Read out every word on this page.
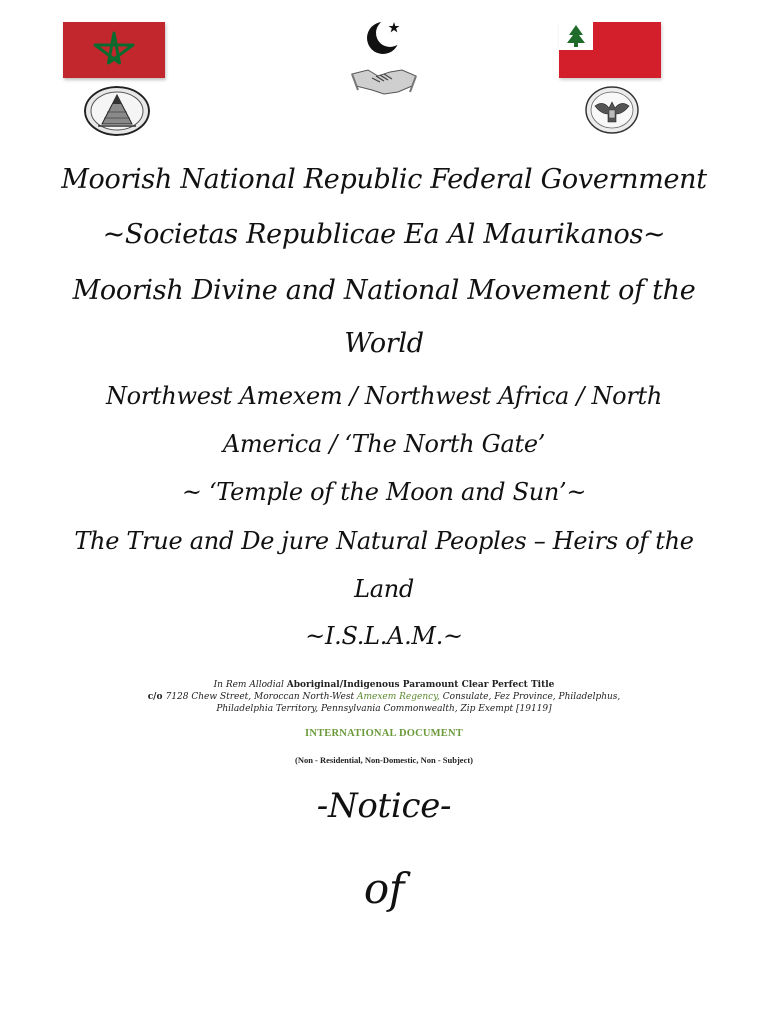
Moorish National Republic Federal Government
~Societas Republicae Ea Al Maurikanos~
Moorish Divine and National Movement of the
World
Northwest Amexem / Northwest Africa / North
America / ‘The North Gate’
~ ‘Temple of the Moon and Sun’~
The True and De jure Natural Peoples – Heirs of the
Land
~I.S.L.A.M.~
In Rem Allodial Aboriginal/Indigenous Paramount Clear Perfect Title
c/o 7128 Chew Street, Moroccan North-West Amexem Regency, Consulate, Fez Province, Philadelphus,
Philadelphia Territory, Pennsylvania Commonwealth, Zip Exempt [19119]
INTERNATIONAL DOCUMENT
(Non - Residential, Non-Domestic, Non - Subject)
-Notice-
of
